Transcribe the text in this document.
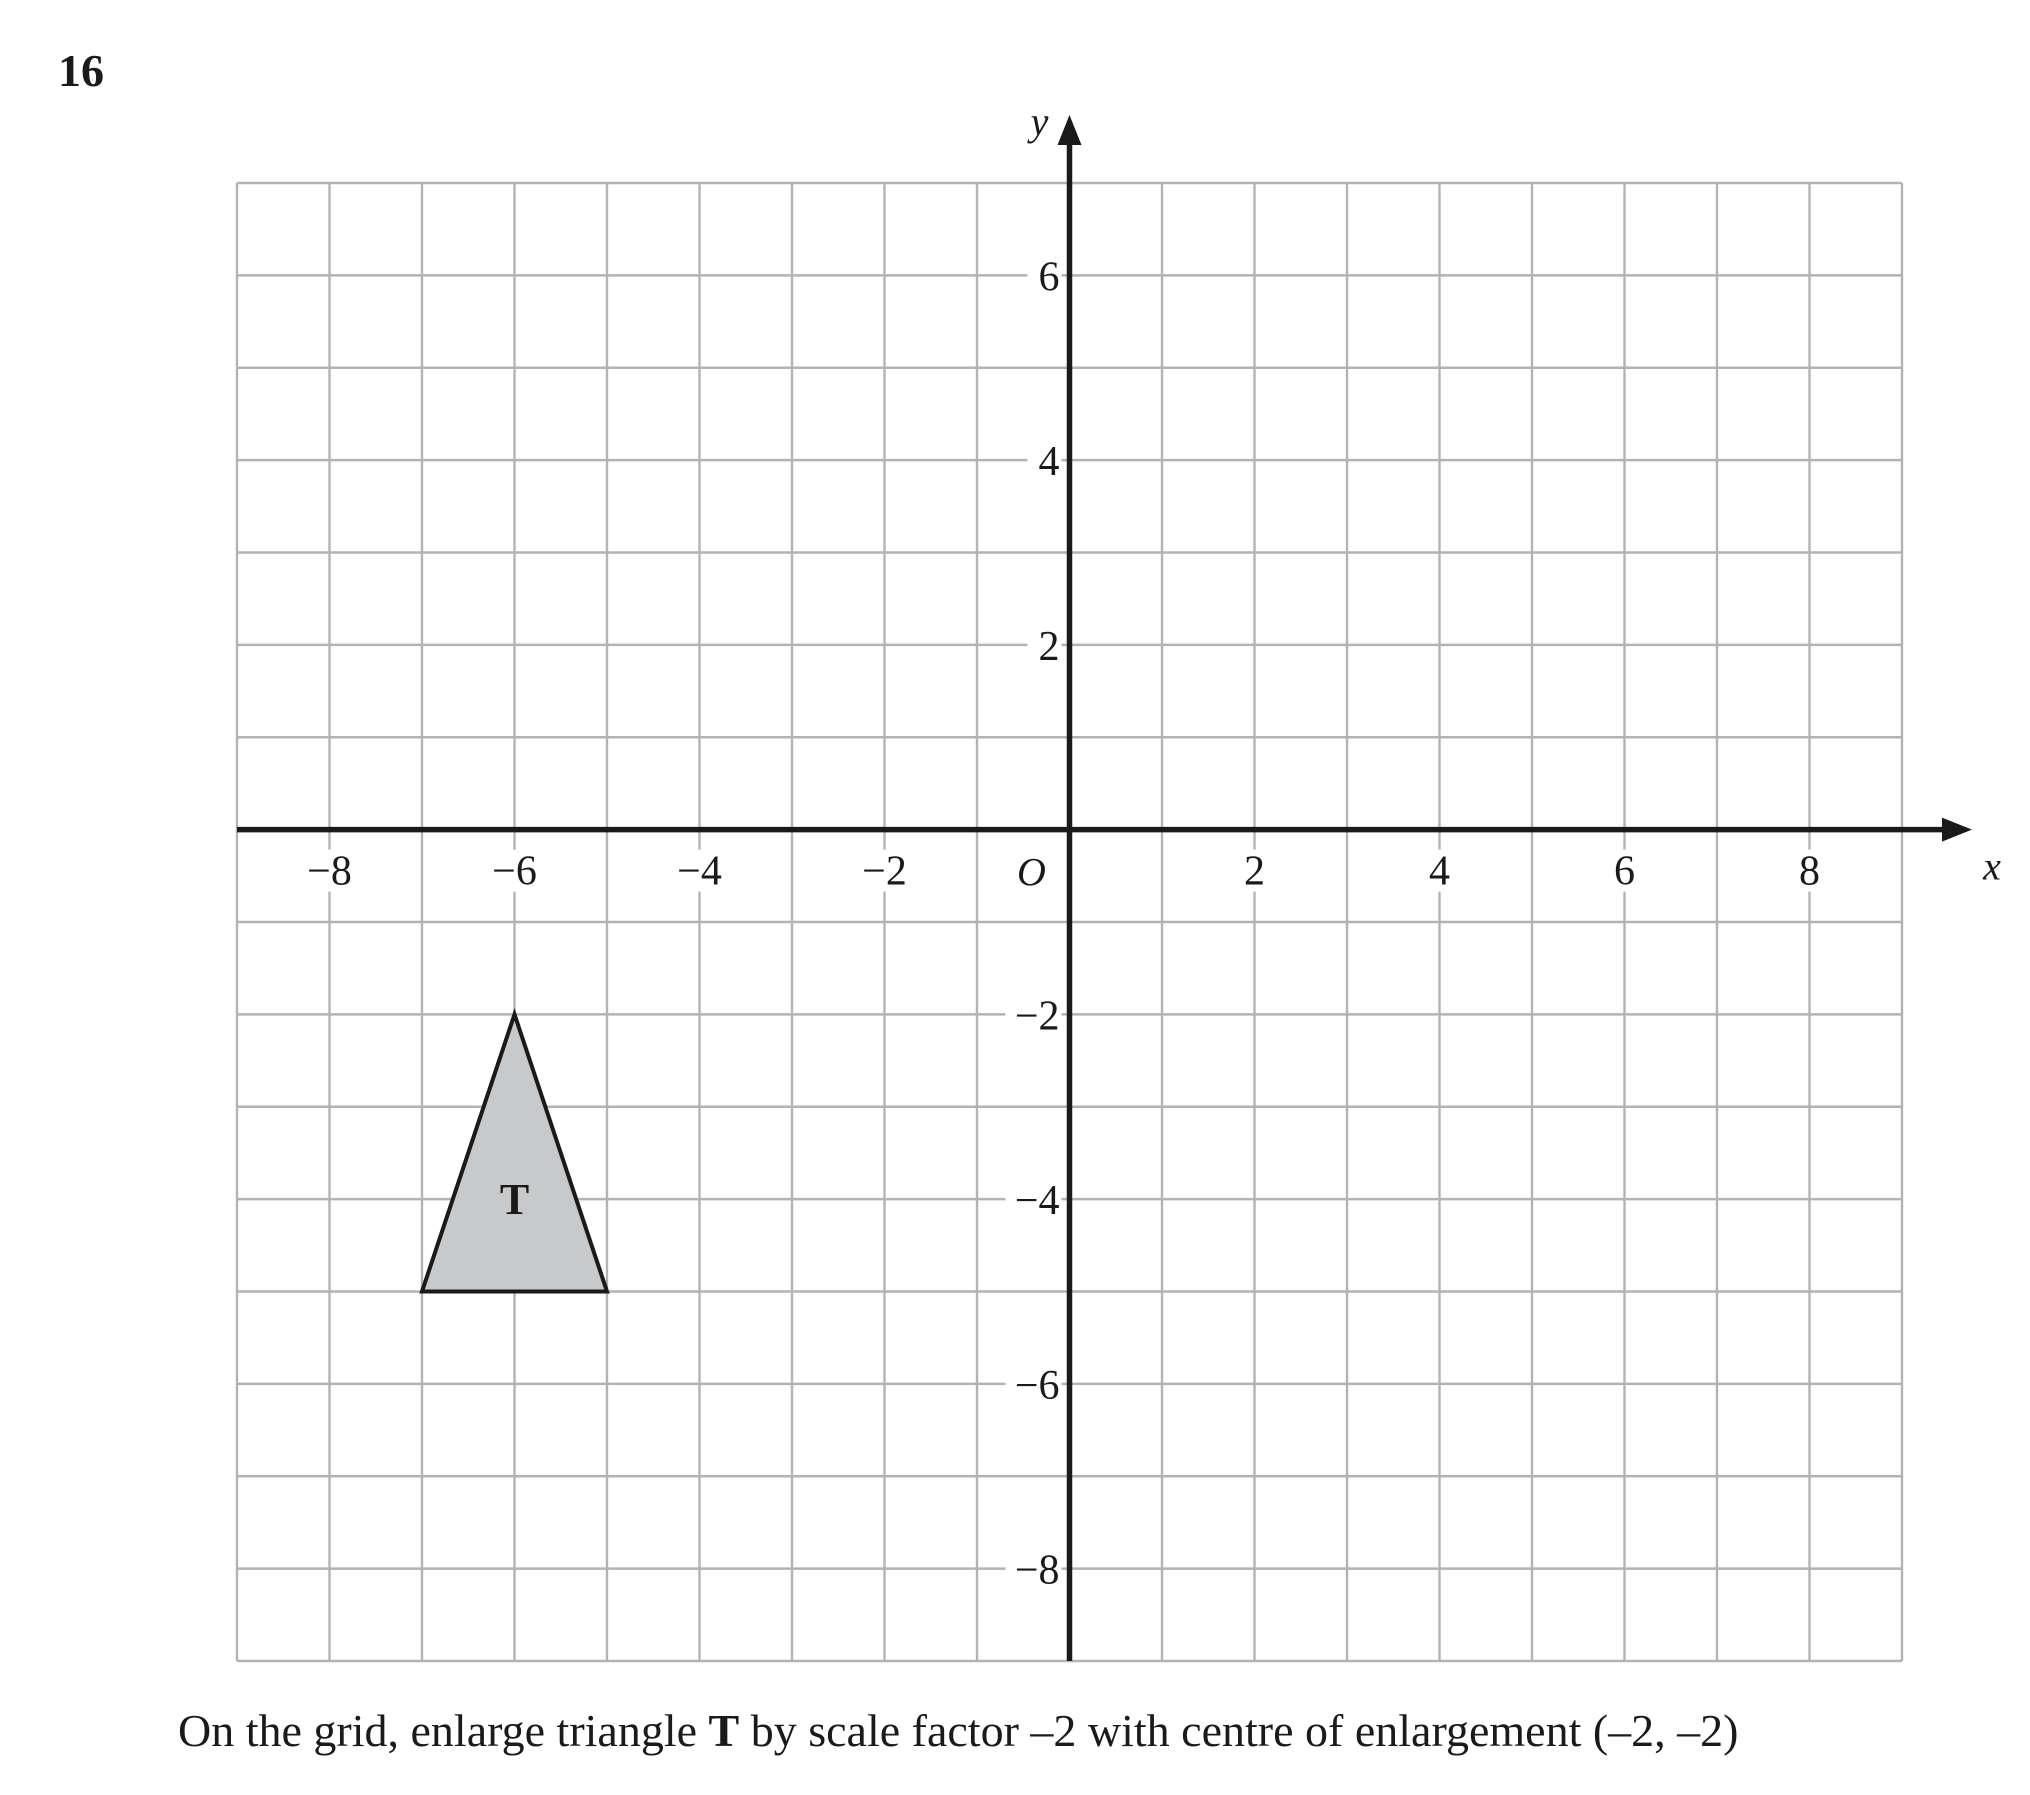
16
x
y
O
−8	−6	−4	−2	2	4	6	8
6
4
2
−2
−4
−6
−8
T

On the grid, enlarge triangle T by scale factor –2 with centre of enlargement (–2, –2)
